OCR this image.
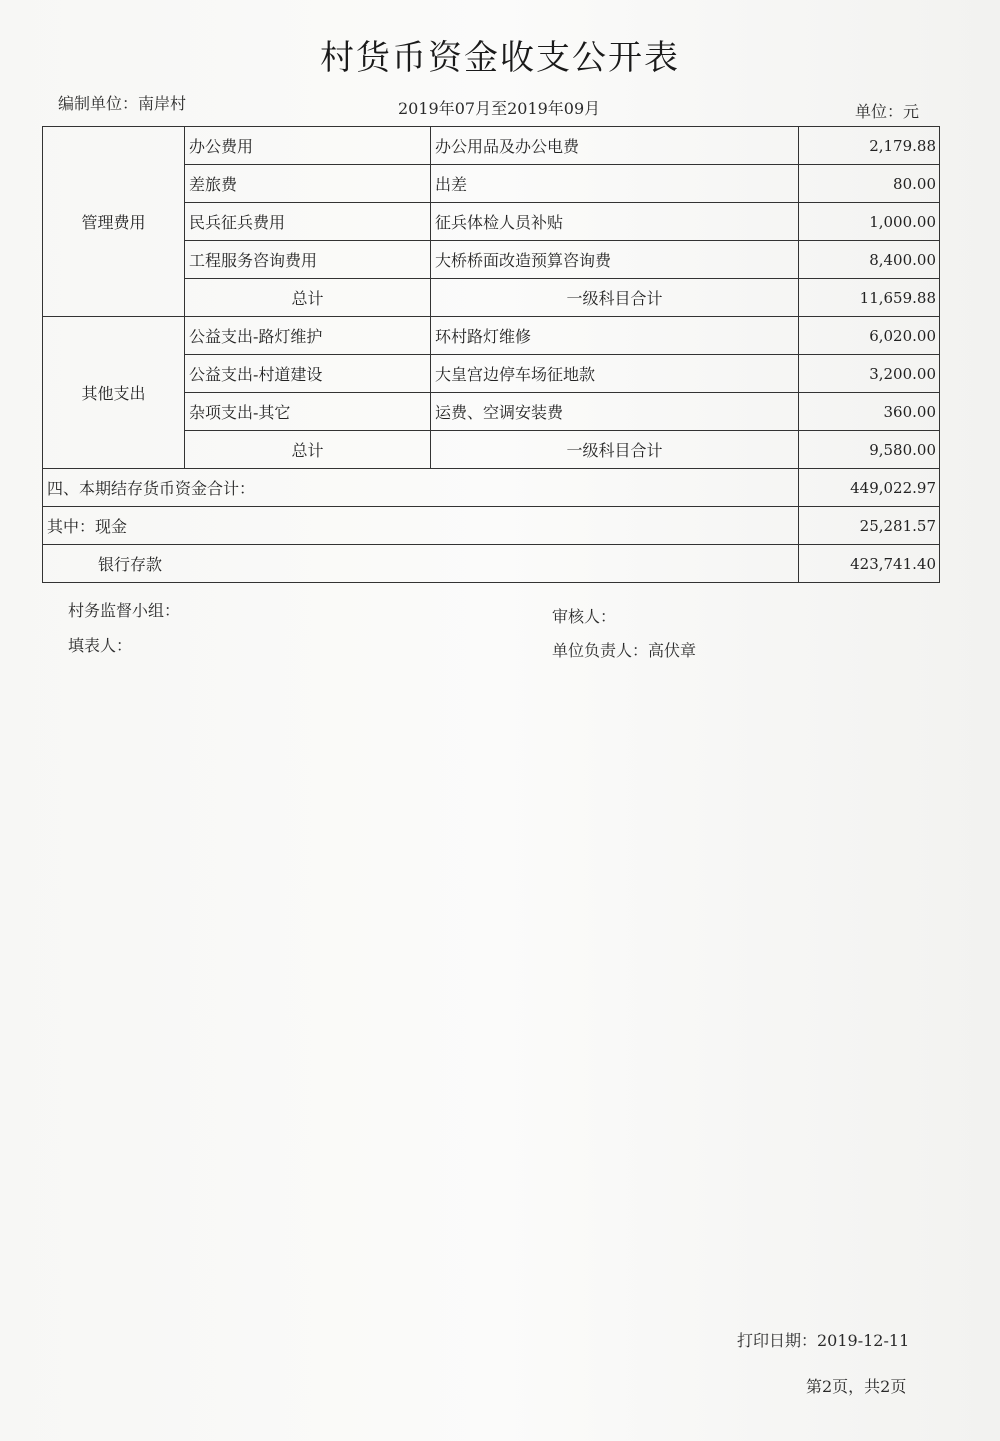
村货币资金收支公开表
编制单位：南岸村	2019年07月至2019年09月	单位：元
管理费用	办公费用	办公用品及办公电费	2,179.88
	差旅费	出差	80.00
	民兵征兵费用	征兵体检人员补贴	1,000.00
	工程服务咨询费用	大桥桥面改造预算咨询费	8,400.00
	总计	一级科目合计	11,659.88
其他支出	公益支出-路灯维护	环村路灯维修	6,020.00
	公益支出-村道建设	大皇宫边停车场征地款	3,200.00
	杂项支出-其它	运费、空调安装费	360.00
	总计	一级科目合计	9,580.00
四、本期结存货币资金合计：			449,022.97
其中：现金			25,281.57
银行存款			423,741.40
村务监督小组：	审核人：
填表人：	单位负责人：高伏章
打印日期：2019-12-11
第2页，共2页
